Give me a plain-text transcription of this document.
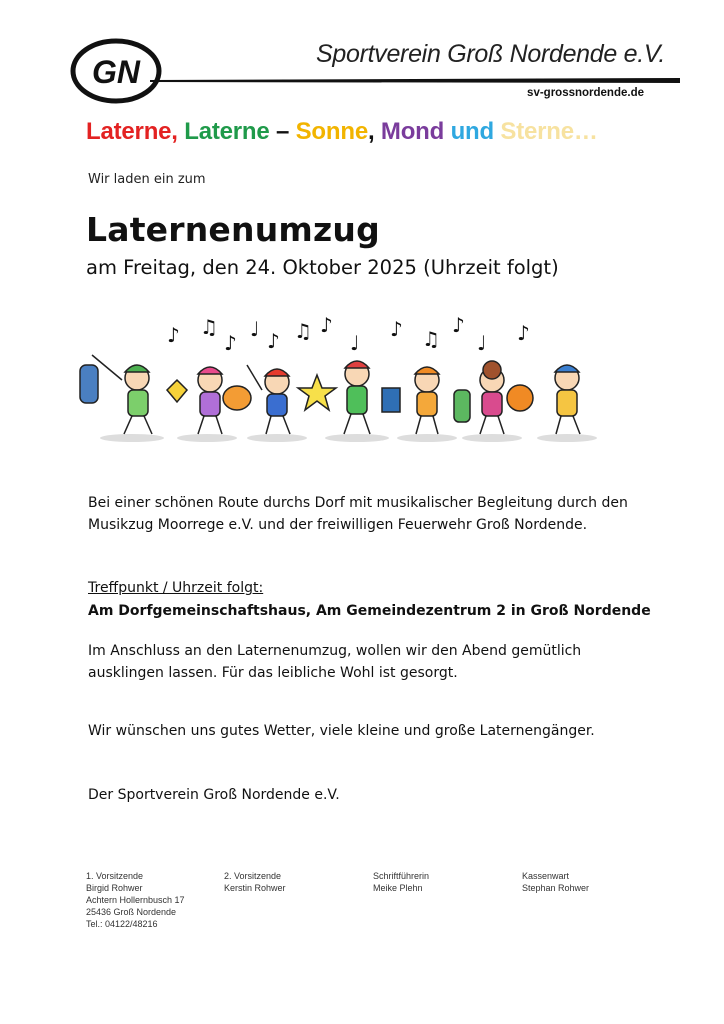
GN	Sportverein Groß Nordende e.V.
sv-grossnordende.de
Laterne, Laterne – Sonne, Mond und Sterne…
Wir laden ein zum
Laternenumzug
am Freitag, den 24. Oktober 2025 (Uhrzeit folgt)
♪ ♫
♪
♩ ♪ ♫ ♪
♩
♪ ♫
♪
♩ ♪
Bei einer schönen Route durchs Dorf mit musikalischer Begleitung durch den Musikzug Moorrege e.V. und der freiwilligen Feuerwehr Groß Nordende.
Treffpunkt / Uhrzeit folgt:
Am Dorfgemeinschaftshaus, Am Gemeindezentrum 2 in Groß Nordende
Im Anschluss an den Laternenumzug, wollen wir den Abend gemütlich ausklingen lassen. Für das leibliche Wohl ist gesorgt.
Wir wünschen uns gutes Wetter, viele kleine und große Laternengänger.
Der Sportverein Groß Nordende e.V.
1. Vorsitzende
Birgid Rohwer
Achtern Hollernbusch 17
25436 Groß Nordende
Tel.: 04122/48216
2. Vorsitzende
Kerstin Rohwer
Schriftführerin
Meike Plehn
Kassenwart
Stephan Rohwer
